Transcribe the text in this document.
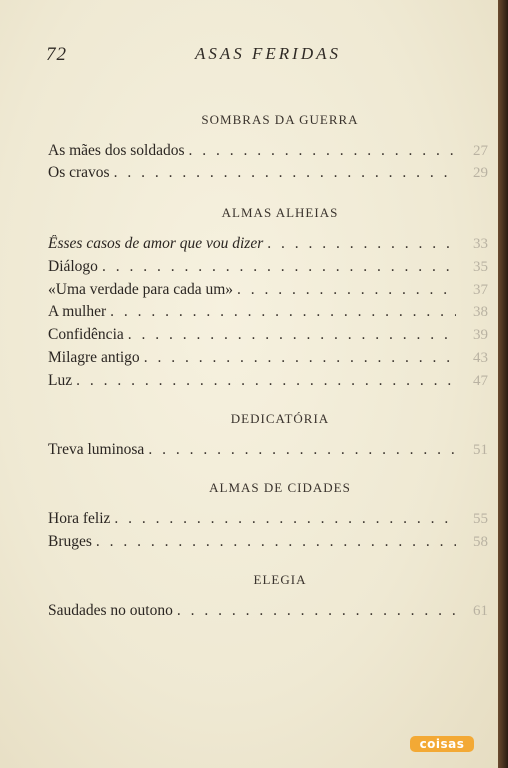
72	ASAS FERIDAS
SOMBRAS DA GUERRA
As mães dos soldados . . .	27
Os cravos . . .	29
ALMAS ALHEIAS
Êsses casos de amor que vou dizer . . .	33
Diálogo . . .	35
«Uma verdade para cada um» . . .	37
A mulher . . .	38
Confidência . . .	39
Milagre antigo . . .	43
Luz . . .	47
DEDICATÓRIA
Treva luminosa . . .	51
ALMAS DE CIDADES
Hora feliz . . .	55
Bruges . . .	58
ELEGIA
Saudades no outono . . .	61
coisas
